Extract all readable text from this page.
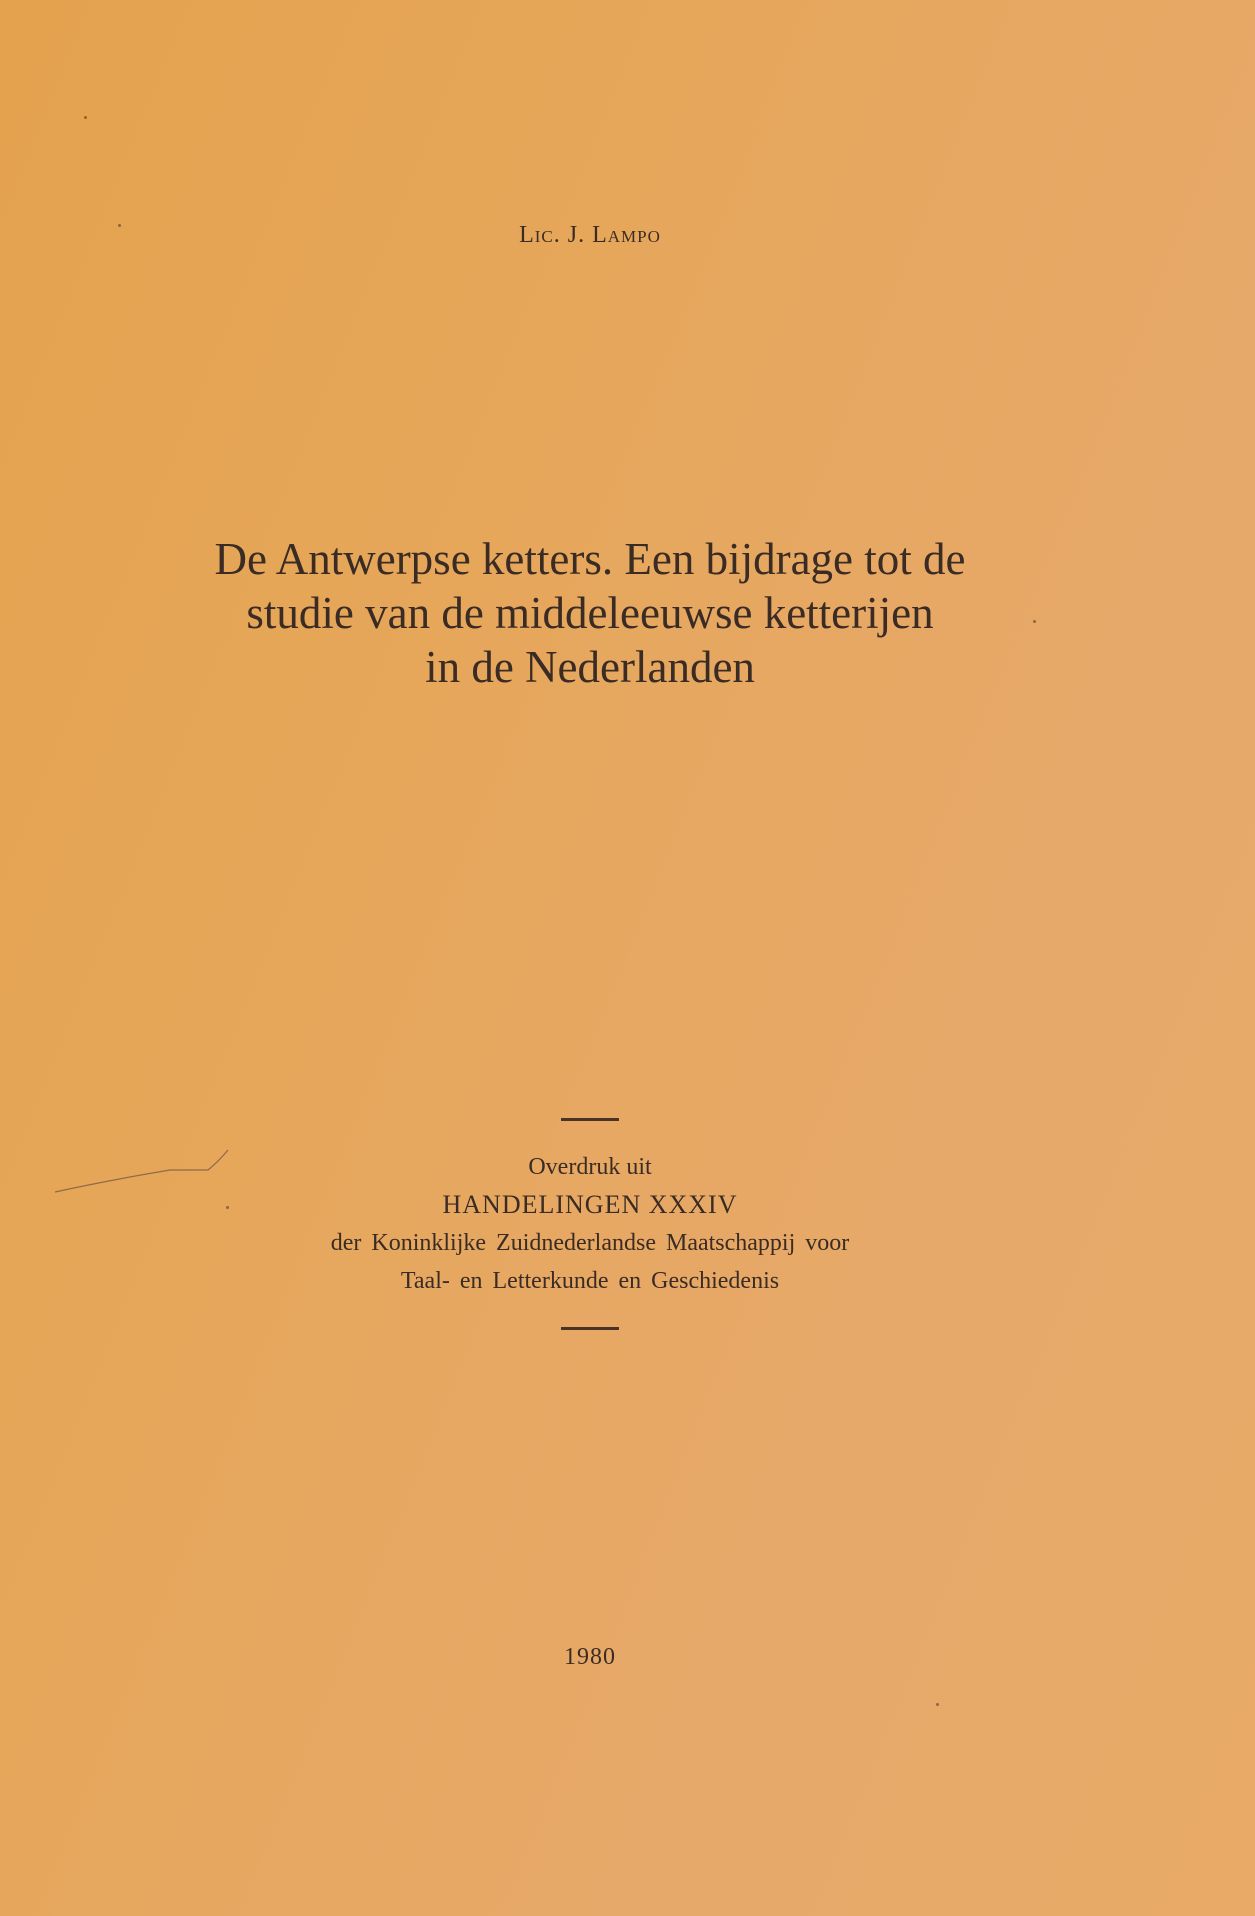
Lic. J. Lampo
De Antwerpse ketters. Een bijdrage tot de
studie van de middeleeuwse ketterijen
in de Nederlanden
Overdruk uit
HANDELINGEN XXXIV
der Koninklijke Zuidnederlandse Maatschappij voor
Taal- en Letterkunde en Geschiedenis
1980
